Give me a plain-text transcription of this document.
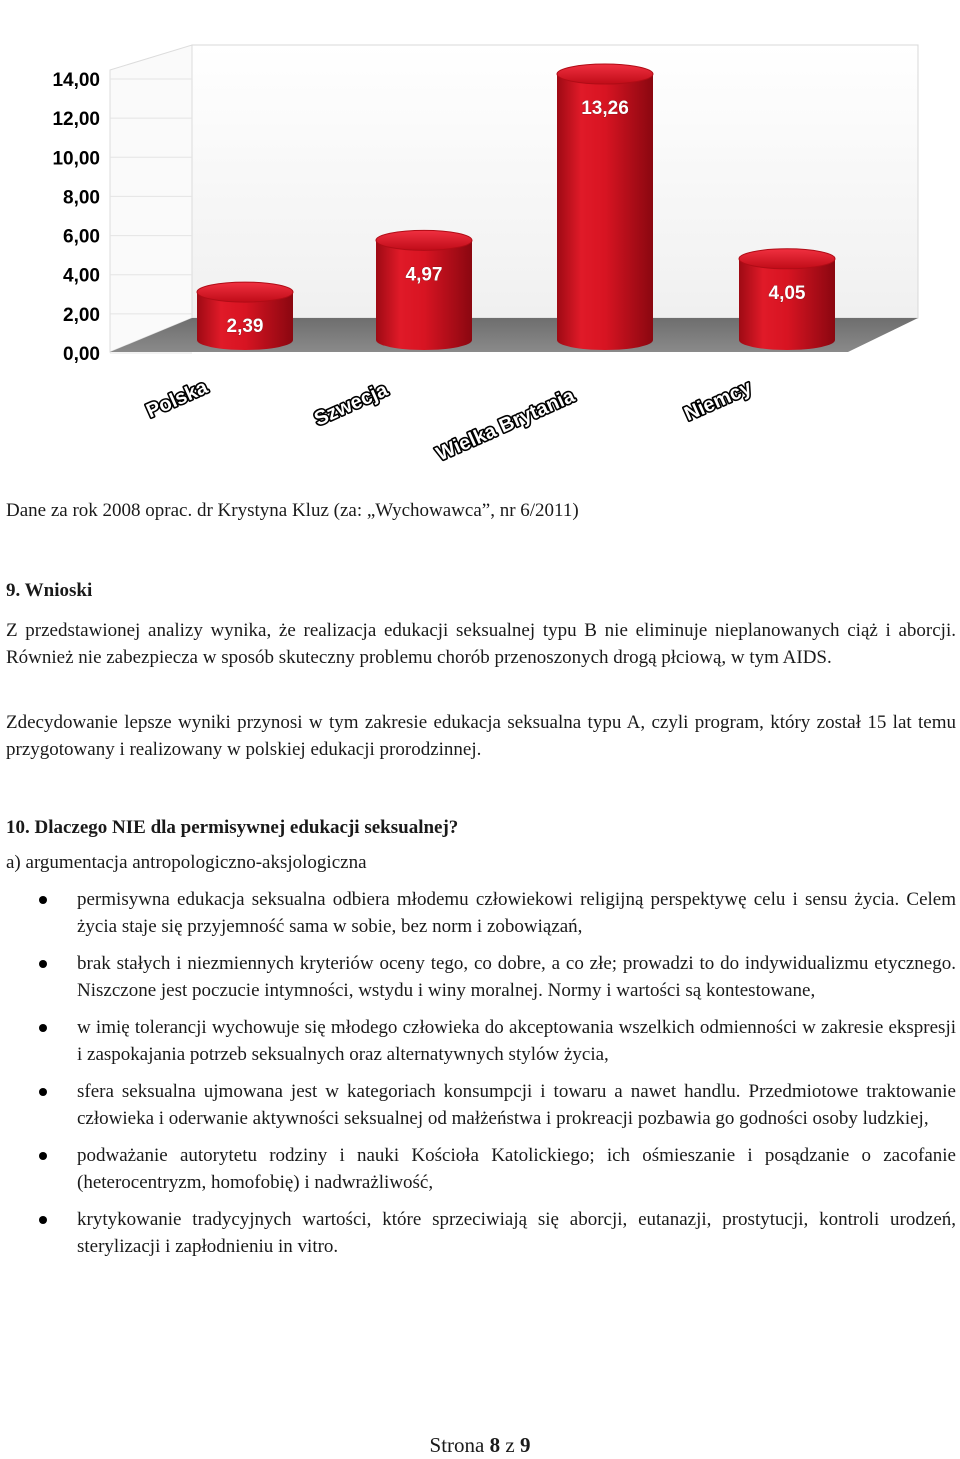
0,00
2,00
4,00
6,00
8,00
10,00
12,00
14,00
2,39
4,97
13,26
4,05
Polska	Szwecja Wielka Brytania	Niemcy
Dane za rok 2008 oprac. dr Krystyna Kluz (za: „Wychowawca”, nr 6/2011)
9. Wnioski
Z przedstawionej analizy wynika, że realizacja edukacji seksualnej typu B nie eliminuje nieplanowanych ciąż i aborcji. Również nie zabezpiecza w sposób skuteczny problemu chorób przenoszonych drogą płciową, w tym AIDS.
Zdecydowanie lepsze wyniki przynosi w tym zakresie edukacja seksualna typu A, czyli program, który został 15 lat temu przygotowany i realizowany w polskiej edukacji prorodzinnej.
10. Dlaczego NIE dla permisywnej edukacji seksualnej?
a) argumentacja antropologiczno-aksjologiczna
permisywna edukacja seksualna odbiera młodemu człowiekowi religijną perspektywę celu i sensu życia. Celem życia staje się przyjemność sama w sobie, bez norm i zobowiązań,
brak stałych i niezmiennych kryteriów oceny tego, co dobre, a co złe; prowadzi to do indywidualizmu etycznego. Niszczone jest poczucie intymności, wstydu i winy moralnej. Normy i wartości są kontestowane,
w imię tolerancji wychowuje się młodego człowieka do akceptowania wszelkich odmienności w zakresie ekspresji i zaspokajania potrzeb seksualnych oraz alternatywnych stylów życia,
sfera seksualna ujmowana jest w kategoriach konsumpcji i towaru a nawet handlu. Przedmiotowe traktowanie człowieka i oderwanie aktywności seksualnej od małżeństwa i prokreacji pozbawia go godności osoby ludzkiej,
podważanie autorytetu rodziny i nauki Kościoła Katolickiego; ich ośmieszanie i posądzanie o zacofanie (heterocentryzm, homofobię) i nadwrażliwość,
krytykowanie tradycyjnych wartości, które sprzeciwiają się aborcji, eutanazji, prostytucji, kontroli urodzeń, sterylizacji i zapłodnieniu in vitro.
Strona 8 z 9
